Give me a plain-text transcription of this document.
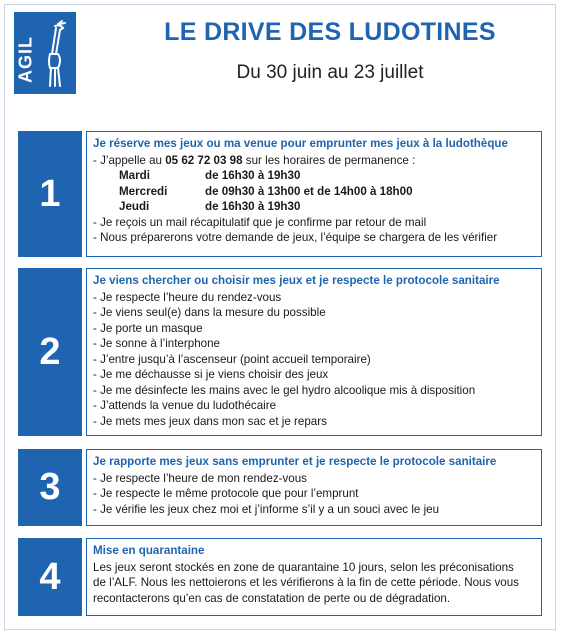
AGIL
LE DRIVE DES LUDOTINES
Du 30 juin au 23 juillet
1
Je réserve mes jeux ou ma venue pour emprunter mes jeux à la ludothèque
- J’appelle au 05 62 72 03 98 sur les horaires de permanence :
Mardi	de 16h30 à 19h30
Mercredi	de 09h30 à 13h00 et de 14h00 à 18h00
Jeudi	de 16h30 à 19h30
- Je reçois un mail récapitulatif que je confirme par retour de mail
- Nous préparerons votre demande de jeux, l’équipe se chargera de les vérifier
2
Je viens chercher ou choisir mes jeux et je respecte le protocole sanitaire
- Je respecte l’heure du rendez-vous
- Je viens seul(e) dans la mesure du possible
- Je porte un masque
- Je sonne à l’interphone
- J’entre jusqu’à l’ascenseur (point accueil temporaire)
- Je me déchausse si je viens choisir des jeux
- Je me désinfecte les mains avec le gel hydro alcoolique mis à disposition
- J’attends la venue du ludothécaire
- Je mets mes jeux dans mon sac et je repars
3
Je rapporte mes jeux sans emprunter et je respecte le protocole sanitaire
- Je respecte l’heure de mon rendez-vous
- Je respecte le même protocole que pour l’emprunt
- Je vérifie les jeux chez moi et j’informe s’il y a un souci avec le jeu
4
Mise en quarantaine
Les jeux seront stockés en zone de quarantaine 10 jours, selon les préconisations
de l’ALF. Nous les nettoierons et les vérifierons à la fin de cette période. Nous vous
recontacterons qu’en cas de constatation de perte ou de dégradation.
